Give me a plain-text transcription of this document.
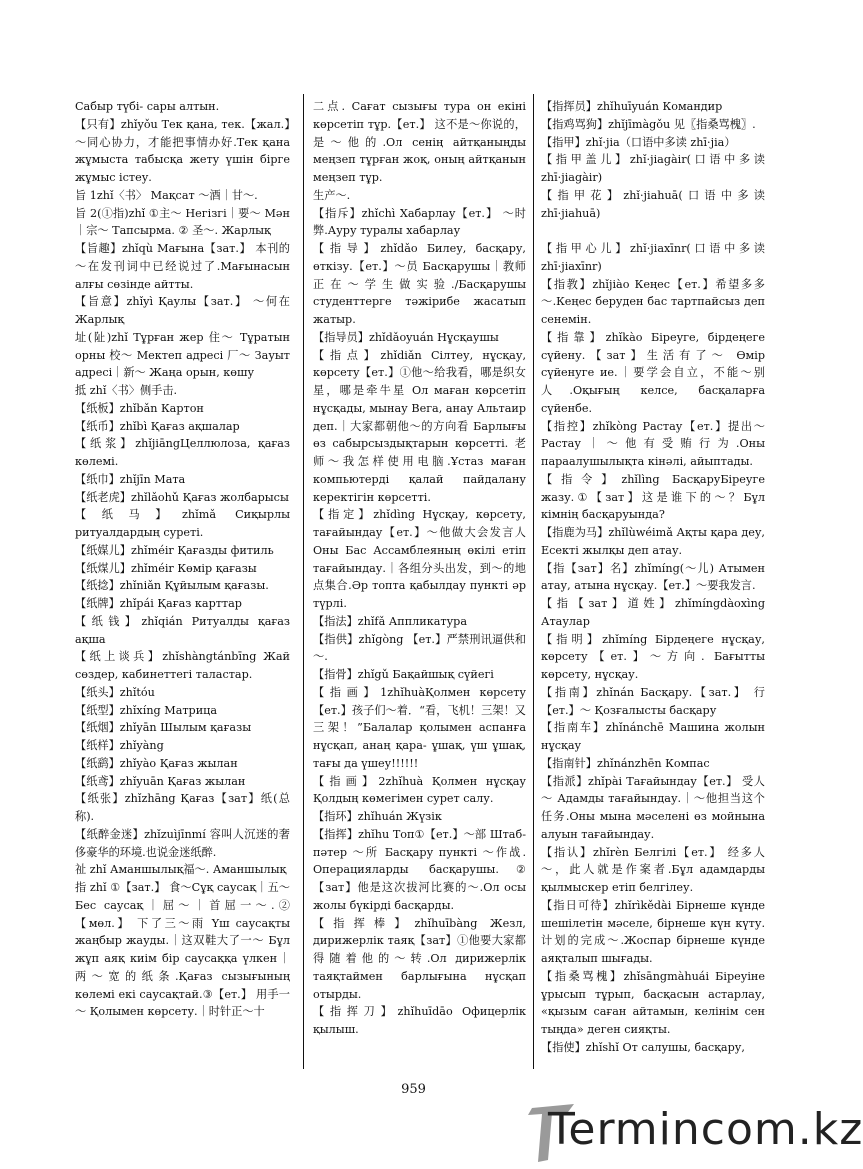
Сабыр түбі- сары алтын.

【只有】zhǐyǒu Тек қана, тек.【жал.】～同心协力，才能把事情办好.Тек қана жұмыста табысқа жету үшін бірге жұмыс істеу.

旨 1zhǐ〈书〉 Мақсат ～酒｜甘～.

旨 2(①指)zhǐ ①主～ Негізгі｜要～ Мән｜宗～ Тапсырма. ② 圣～. Жарлық

【旨趣】zhǐqù Мағына【зат.】 本刊的～在发刊词中已经说过了.Мағынасын алғы сөзінде айтты.

【旨意】zhǐyì Қаулы【зат.】 ～何在 Жарлық

址(阯)zhǐ Тұрған жер 住～ Тұратын орны 校～ Мектеп адресі 厂～ Зауыт адресі｜新～ Жаңа орын, көшу

抵 zhǐ〈书〉侧手击.

【纸板】zhǐbǎn Картон

【纸币】zhǐbì Қағаз ақшалар

【纸浆】zhǐjiāngЦеллюлоза, қағаз көлемі.

【纸巾】zhǐjīn Мата

【纸老虎】zhǐlǎohǔ Қағаз жолбарысы

【纸马】zhǐmǎ Сиқырлы ритуалдардың суреті.

【纸媒儿】zhǐméir Қағазды фитиль

【纸煤儿】zhǐméir Көмір қағазы

【纸捻】zhǐniǎn Құйылым қағазы.

【纸牌】zhǐpái Қағаз карттар

【纸钱】zhǐqián Ритуалды қағаз ақша

【纸上谈兵】zhǐshàngtánbīng Жай сөздер, кабинеттегі таластар.

【纸头】zhǐtóu

【纸型】zhǐxíng Матрица

【纸烟】zhǐyān Шылым қағазы

【纸样】zhǐyàng

【纸鹞】zhǐyào Қағаз жылан

【纸鸢】zhǐyuān Қағаз жылан

【纸张】zhǐzhāng Қағаз【зат】纸(总称).

【纸醉金迷】zhǐzuìjīnmí 容叫人沉迷的奢侈豪华的环境.也说金迷纸醉.

祉 zhǐ Аманшылық福～. Аманшылық

指 zhǐ ①【зат.】 食～Сұқ саусақ｜五～ Бес саусақ｜屈～｜首屈一～.②【мөл.】 下了三～雨 Үш саусақты жаңбыр жауды.｜这双鞋大了一～ Бұл жұп аяқ киім бір саусаққа үлкен｜两～宽的纸条.Қағаз сызығының көлемі екі саусақтай.③【ет.】 用手一～ Қолымен көрсету.｜时针正～十

二点. Сағат сызығы тура он екіні көрсетіп тұр.【ет.】 这不是～你说的，是～他的.Ол сенің айтқаныңды меңзеп тұрған жоқ, оның айтқанын меңзеп тұр.

生产～.

【指斥】zhǐchì Хабарлау【ет.】 ～时弊.Ауру туралы хабарлау

【指导】zhǐdǎo Билеу, басқару, өткізу.【ет.】～员 Басқарушы｜教师正在～学生做实验./Басқарушы студенттерге тәжірибе жасатып жатыр.

【指导员】zhǐdǎoyuán Нұсқаушы

【指点】zhǐdiǎn Сілтеу, нұсқау, көрсету【ет.】①他～给我看，哪是织女星，哪是牵牛星 Ол маған көрсетіп нұсқады, мынау Вега, анау Альтаир деп.｜大家都朝他～的方向看 Барлығы өз сабырсыздықтарын көрсетті. 老师～我怎样使用电脑.Ұстаз маған компьютерді қалай пайдалану керектігін көрсетті.

【指定】zhǐdìng Нұсқау, көрсету, тағайындау【ет.】～他做大会发言人 Оны Бас Ассамблеяның өкілі етіп тағайындау.｜各组分头出发，到～的地点集合.Әр топта қабылдау пункті әр түрлі.

【指法】zhǐfǎ Аппликатура

【指供】zhǐgòng 【ет.】严禁刑讯逼供和～.

【指骨】zhǐgǔ Бақайшық сүйегі

【指画】1zhǐhuàҚолмен көрсету【ет.】孩子们～着．“看，飞机！三架！又三架！”Балалар қолымен аспанға нұсқап, анаң қара- ұшақ, үш ұшақ, тағы да үшеу!!!!!!

【指画】2zhǐhuà Қолмен нұсқау Қолдың көмегімен сурет салу.

【指环】zhǐhuán Жүзік

【指挥】zhǐhu Топ①【ет.】～部 Штаб-пәтер ～所 Басқару пункті ～作战. Операцияларды басқарушы.②【зат】他是这次拔河比赛的～.Ол осы жолы бүкірді басқарды.

【指挥棒】zhǐhuībàng Жезл, дирижерлік таяқ【зат】①他要大家都得随着他的～转.Ол дирижерлік таяқтаймен барлығына нұсқап отырды.

【指挥刀】zhǐhuīdāo Офицерлік қылыш.

【指挥员】zhǐhuīyuán Командир

【指鸡骂狗】zhǐjīmàgǒu 见〖指桑骂槐〗.

【指甲】zhǐ·jia（口语中多读 zhī·jia）

【指甲盖儿】zhǐ·jiagàir(口语中多读 zhī·jiagàir)

【指甲花】zhǐ·jiahuā(口语中多读 zhī·jiahuā)

【指甲心儿】zhǐ·jiaxīnr(口语中多读 zhī·jiaxīnr)

【指教】zhǐjiào Кеңес【ет.】希望多多～.Кеңес беруден бас тартпайсыз деп сенемін.

【指靠】zhǐkào Біреуге, бірдеңеге сүйену.【зат】生活有了～ Өмір сүйенуге ие.｜要学会自立，不能～别人.Оқығың келсе, басқаларға сүйенбе.

【指控】zhǐkòng Растау【ет.】提出～ Растау｜～他有受贿行为.Оны параалушылықта кінәлі, айыптады.

【指令】zhǐlìng БасқаруБіреуге жазу.①【зат】这是谁下的～？Бұл кімнің басқаруында?

【指鹿为马】zhǐlùwéimǎ Ақты қара деу, Есекті жылқы деп атау.

【指【зат】名】zhǐmíng(～儿) Атымен атау, атына нұсқау.【ет.】～要我发言.

【指【зат】道姓】zhǐmíngdàoxìng Атаулар

【指明】zhǐmíng Бірдеңеге нұсқау, көрсету【ет.】～方向. Бағытты көрсету, нұсқау.

【指南】zhǐnán Басқару.【зат.】 行【ет.】～ Қозғалысты басқару

【指南车】zhǐnánchē Машина жолын нұсқау

【指南针】zhǐnánzhēn Компас

【指派】zhǐpài Тағайындау【ет.】 受人～ Адамды тағайындау.｜～他担当这个任务.Оны мына мәселені өз мойнына алуын тағайындау.

【指认】zhǐrèn Белгілі【ет.】 经多人～，此人就是作案者.Бұл адамдарды қылмыскер етіп белгілеу.

【指日可待】zhǐrìkědài Бірнеше күнде шешілетін мәселе, бірнеше күн күту. 计划的完成～.Жоспар бірнеше күнде аяқталып шығады.

【指桑骂槐】zhǐsāngmàhuái Біреуіне ұрысып тұрып, басқасын астарлау, «қызым саған айтамын, келінім сен тыңда» деген сияқты.

【指使】zhǐshǐ От салушы, басқару,

959
Termincom.kz
